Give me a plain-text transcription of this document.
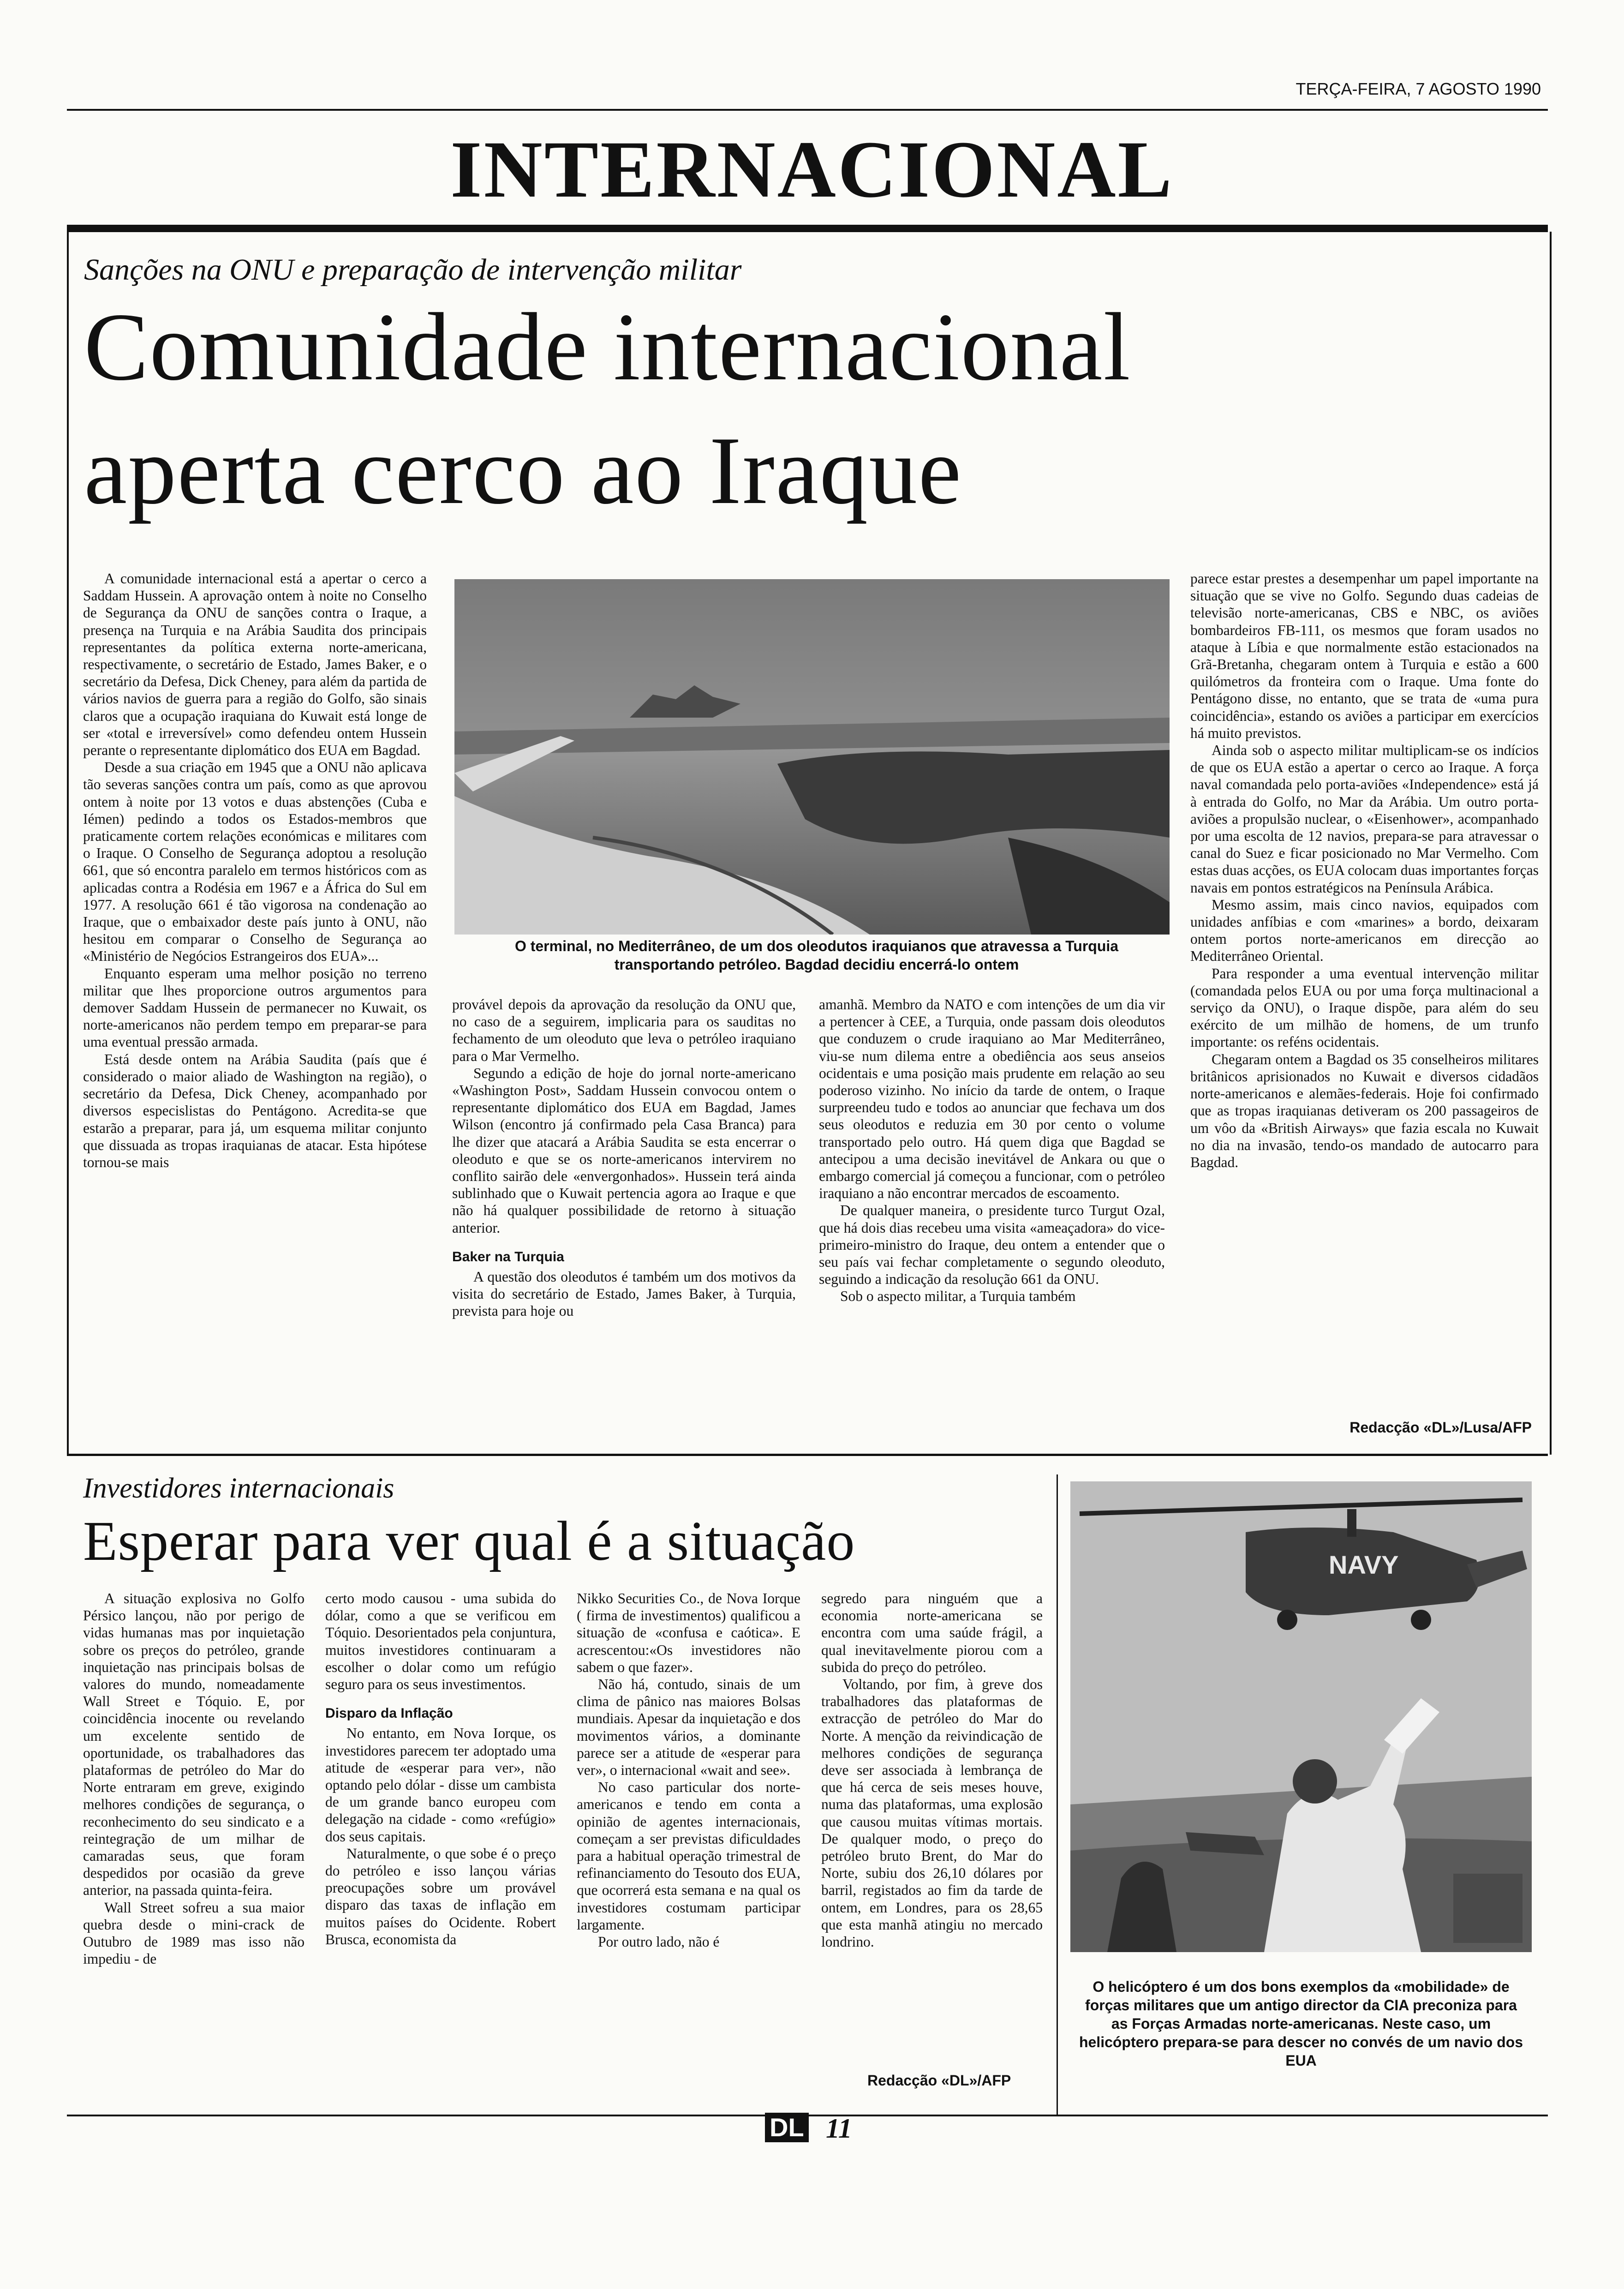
TERÇA-FEIRA, 7 AGOSTO 1990
INTERNACIONAL
Sanções na ONU e preparação de intervenção militar
Comunidade internacional
aperta cerco ao Iraque

A comunidade internacional está a apertar o cerco a Saddam Hussein. A aprovação ontem à noite no Conselho de Segurança da ONU de sanções contra o Iraque, a presença na Turquia e na Arábia Saudita dos principais representantes da política externa norte-americana, respectivamente, o secretário de Estado, James Baker, e o secretário da Defesa, Dick Cheney, para além da partida de vários navios de guerra para a região do Golfo, são sinais claros que a ocupação iraquiana do Kuwait está longe de ser «total e irreversível» como defendeu ontem Hussein perante o representante diplomático dos EUA em Bagdad.

Desde a sua criação em 1945 que a ONU não aplicava tão severas sanções contra um país, como as que aprovou ontem à noite por 13 votos e duas abstenções (Cuba e Iémen) pedindo a todos os Estados-membros que praticamente cortem relações económicas e militares com o Iraque. O Conselho de Segurança adoptou a resolução 661, que só encontra paralelo em termos históricos com as aplicadas contra a Rodésia em 1967 e a África do Sul em 1977. A resolução 661 é tão vigorosa na condenação ao Iraque, que o embaixador deste país junto à ONU, não hesitou em comparar o Conselho de Segurança ao «Ministério de Negócios Estrangeiros dos EUA»...

Enquanto esperam uma melhor posição no terreno militar que lhes proporcione outros argumentos para demover Saddam Hussein de permanecer no Kuwait, os norte-americanos não perdem tempo em preparar-se para uma eventual pressão armada.

Está desde ontem na Arábia Saudita (país que é considerado o maior aliado de Washington na região), o secretário da Defesa, Dick Cheney, acompanhado por diversos especislistas do Pentágono. Acredita-se que estarão a preparar, para já, um esquema militar conjunto que dissuada as tropas iraquianas de atacar. Esta hipótese tornou-se mais

O terminal, no Mediterrâneo, de um dos oleodutos iraquianos que atravessa a Turquia transportando petróleo. Bagdad decidiu encerrá-lo ontem

provável depois da aprovação da resolução da ONU que, no caso de a seguirem, implicaria para os sauditas no fechamento de um oleoduto que leva o petróleo iraquiano para o Mar Vermelho.

Segundo a edição de hoje do jornal norte-americano «Washington Post», Saddam Hussein convocou ontem o representante diplomático dos EUA em Bagdad, James Wilson (encontro já confirmado pela Casa Branca) para lhe dizer que atacará a Arábia Saudita se esta encerrar o oleoduto e que se os norte-americanos intervirem no conflito sairão dele «envergonhados». Hussein terá ainda sublinhado que o Kuwait pertencia agora ao Iraque e que não há qualquer possibilidade de retorno à situação anterior.

Baker na Turquia

A questão dos oleodutos é também um dos motivos da visita do secretário de Estado, James Baker, à Turquia, prevista para hoje ou

amanhã. Membro da NATO e com intenções de um dia vir a pertencer à CEE, a Turquia, onde passam dois oleodutos que conduzem o crude iraquiano ao Mar Mediterrâneo, viu-se num dilema entre a obediência aos seus anseios ocidentais e uma posição mais prudente em relação ao seu poderoso vizinho. No início da tarde de ontem, o Iraque surpreendeu tudo e todos ao anunciar que fechava um dos seus oleodutos e reduzia em 30 por cento o volume transportado pelo outro. Há quem diga que Bagdad se antecipou a uma decisão inevitável de Ankara ou que o embargo comercial já começou a funcionar, com o petróleo iraquiano a não encontrar mercados de escoamento.

De qualquer maneira, o presidente turco Turgut Ozal, que há dois dias recebeu uma visita «ameaçadora» do vice-primeiro-ministro do Iraque, deu ontem a entender que o seu país vai fechar completamente o segundo oleoduto, seguindo a indicação da resolução 661 da ONU.

Sob o aspecto militar, a Turquia também

parece estar prestes a desempenhar um papel importante na situação que se vive no Golfo. Segundo duas cadeias de televisão norte-americanas, CBS e NBC, os aviões bombardeiros FB-111, os mesmos que foram usados no ataque à Líbia e que normalmente estão estacionados na Grã-Bretanha, chegaram ontem à Turquia e estão a 600 quilómetros da fronteira com o Iraque. Uma fonte do Pentágono disse, no entanto, que se trata de «uma pura coincidência», estando os aviões a participar em exercícios há muito previstos.

Ainda sob o aspecto militar multiplicam-se os indícios de que os EUA estão a apertar o cerco ao Iraque. A força naval comandada pelo porta-aviões «Independence» está já à entrada do Golfo, no Mar da Arábia. Um outro porta-aviões a propulsão nuclear, o «Eisenhower», acompanhado por uma escolta de 12 navios, prepara-se para atravessar o canal do Suez e ficar posicionado no Mar Vermelho. Com estas duas acções, os EUA colocam duas importantes forças navais em pontos estratégicos na Península Arábica.

Mesmo assim, mais cinco navios, equipados com unidades anfíbias e com «marines» a bordo, deixaram ontem portos norte-americanos em direcção ao Mediterrâneo Oriental.

Para responder a uma eventual intervenção militar (comandada pelos EUA ou por uma força multinacional a serviço da ONU), o Iraque dispõe, para além do seu exército de um milhão de homens, de um trunfo importante: os reféns ocidentais.

Chegaram ontem a Bagdad os 35 conselheiros militares britânicos aprisionados no Kuwait e diversos cidadãos norte-americanos e alemães-federais. Hoje foi confirmado que as tropas iraquianas detiveram os 200 passageiros de um vôo da «British Airways» que fazia escala no Kuwait no dia na invasão, tendo-os mandado de autocarro para Bagdad.

Redacção «DL»/Lusa/AFP
Investidores internacionais
Esperar para ver qual é a situação

A situação explosiva no Golfo Pérsico lançou, não por perigo de vidas humanas mas por inquietação sobre os preços do petróleo, grande inquietação nas principais bolsas de valores do mundo, nomeadamente Wall Street e Tóquio. E, por coincidência inocente ou revelando um excelente sentido de oportunidade, os trabalhadores das plataformas de petróleo do Mar do Norte entraram em greve, exigindo melhores condições de segurança, o reconhecimento do seu sindicato e a reintegração de um milhar de camaradas seus, que foram despedidos por ocasião da greve anterior, na passada quinta-feira.

Wall Street sofreu a sua maior quebra desde o mini-crack de Outubro de 1989 mas isso não impediu - de

certo modo causou - uma subida do dólar, como a que se verificou em Tóquio. Desorientados pela conjuntura, muitos investidores continuaram a escolher o dolar como um refúgio seguro para os seus investimentos.

Disparo da Inflação

No entanto, em Nova Iorque, os investidores parecem ter adoptado uma atitude de «esperar para ver», não optando pelo dólar - disse um cambista de um grande banco europeu com delegação na cidade - como «refúgio» dos seus capitais.

Naturalmente, o que sobe é o preço do petróleo e isso lançou várias preocupações sobre um provável disparo das taxas de inflação em muitos países do Ocidente. Robert Brusca, economista da

Nikko Securities Co., de Nova Iorque ( firma de investimentos) qualificou a situação de «confusa e caótica». E acrescentou:«Os investidores não sabem o que fazer».

Não há, contudo, sinais de um clima de pânico nas maiores Bolsas mundiais. Apesar da inquietação e dos movimentos vários, a dominante parece ser a atitude de «esperar para ver», o internacional «wait and see».

No caso particular dos norte-americanos e tendo em conta a opinião de agentes internacionais, começam a ser previstas dificuldades para a habitual operação trimestral de refinanciamento do Tesouto dos EUA, que ocorrerá esta semana e na qual os investidores costumam participar largamente.

Por outro lado, não é

segredo para ninguém que a economia norte-americana se encontra com uma saúde frágil, a qual inevitavelmente piorou com a subida do preço do petróleo.

Voltando, por fim, à greve dos trabalhadores das plataformas de extracção de petróleo do Mar do Norte. A menção da reivindicação de melhores condições de segurança deve ser associada à lembrança de que há cerca de seis meses houve, numa das plataformas, uma explosão que causou muitas vítimas mortais. De qualquer modo, o preço do petróleo bruto Brent, do Mar do Norte, subiu dos 26,10 dólares por barril, registados ao fim da tarde de ontem, em Londres, para os 28,65 que esta manhã atingiu no mercado londrino.

Redacção «DL»/AFP
NAVY
O helicóptero é um dos bons exemplos da «mobilidade» de forças militares que um antigo director da CIA preconiza para as Forças Armadas norte-americanas. Neste caso, um helicóptero prepara-se para descer no convés de um navio dos EUA
DL 11
